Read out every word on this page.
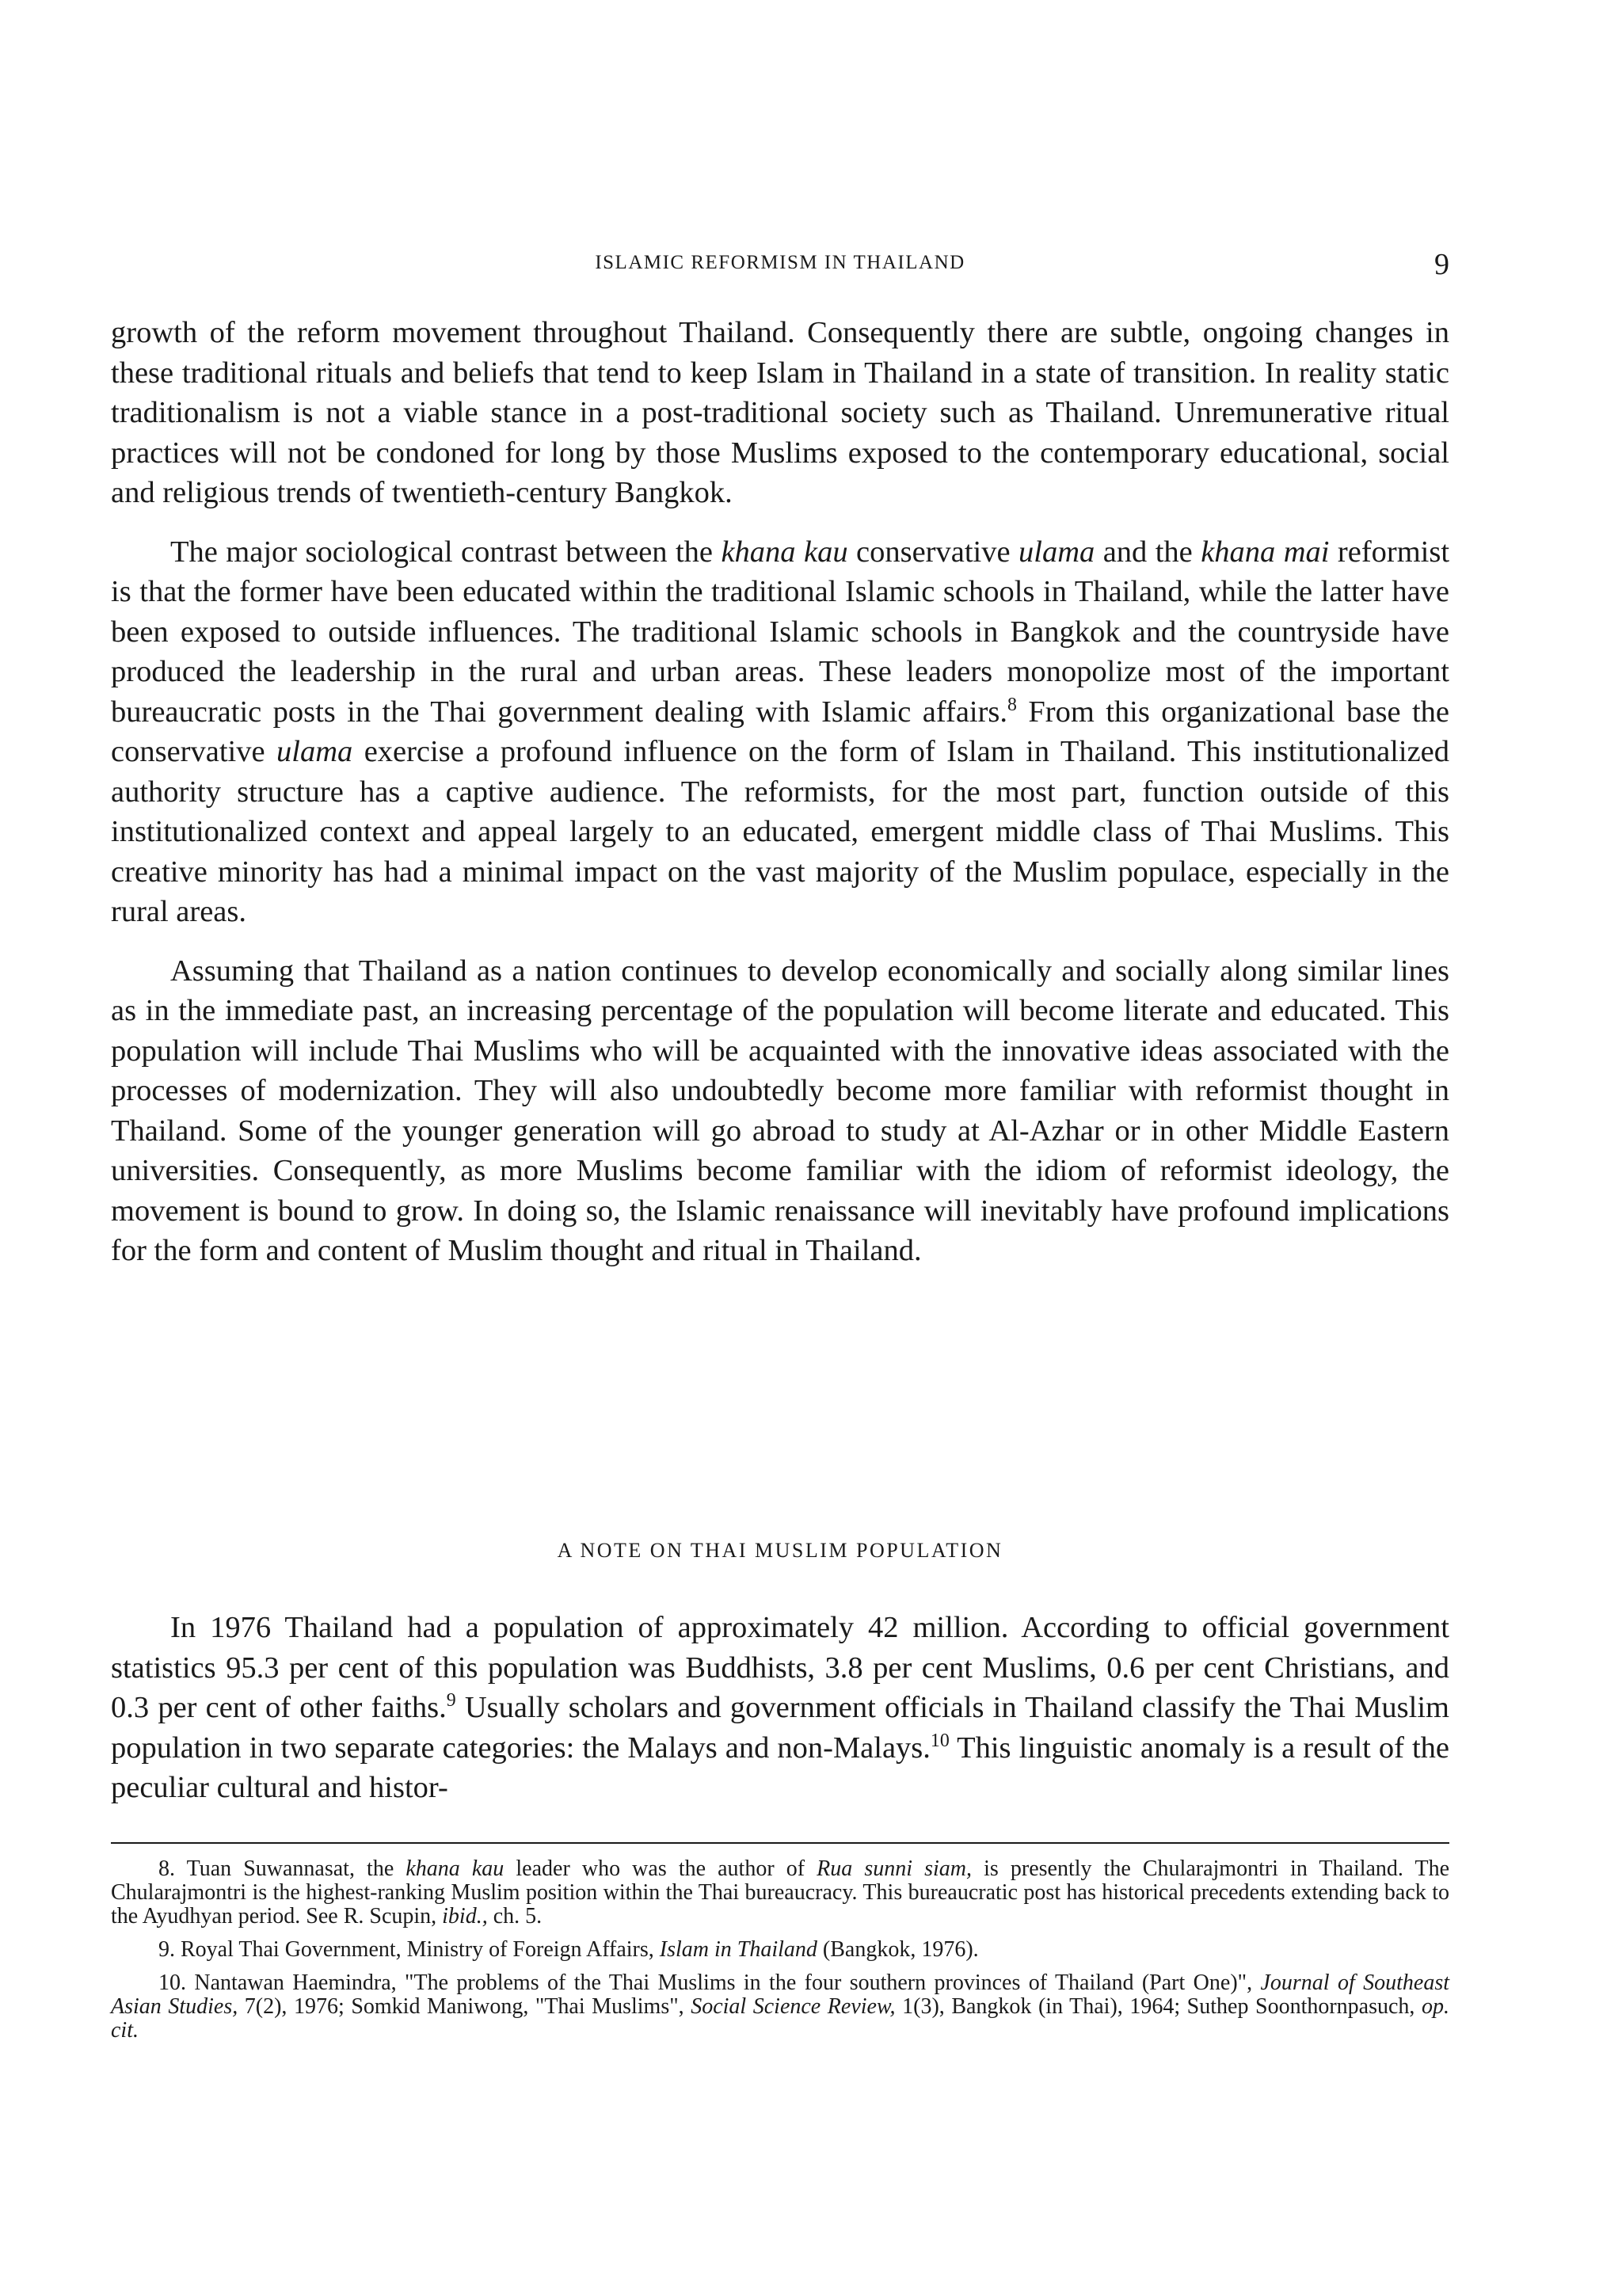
ISLAMIC REFORMISM IN THAILAND	9

growth of the reform movement throughout Thailand. Consequently there are subtle, ongoing changes in these traditional rituals and beliefs that tend to keep Islam in Thailand in a state of transition. In reality static traditionalism is not a viable stance in a post-traditional society such as Thailand. Unremunerative ritual practices will not be condoned for long by those Muslims exposed to the contemporary educational, social and religious trends of twentieth-century Bangkok.

The major sociological contrast between the khana kau conservative ulama and the khana mai reformist is that the former have been educated within the traditional Islamic schools in Thailand, while the latter have been exposed to outside influences. The traditional Islamic schools in Bangkok and the countryside have produced the leadership in the rural and urban areas. These leaders monopolize most of the important bureaucratic posts in the Thai government dealing with Islamic affairs.$^8$ From this organizational base the conservative ulama exercise a profound influence on the form of Islam in Thailand. This institutionalized authority structure has a captive audience. The reformists, for the most part, function outside of this institutionalized context and appeal largely to an educated, emergent middle class of Thai Muslims. This creative minority has had a minimal impact on the vast majority of the Muslim populace, especially in the rural areas.

Assuming that Thailand as a nation continues to develop economically and socially along similar lines as in the immediate past, an increasing percentage of the population will become literate and educated. This population will include Thai Muslims who will be acquainted with the innovative ideas associated with the processes of modernization. They will also undoubtedly become more familiar with reformist thought in Thailand. Some of the younger generation will go abroad to study at Al-Azhar or in other Middle Eastern universities. Consequently, as more Muslims become familiar with the idiom of reformist ideology, the movement is bound to grow. In doing so, the Islamic renaissance will inevitably have profound implications for the form and content of Muslim thought and ritual in Thailand.

A NOTE ON THAI MUSLIM POPULATION

In 1976 Thailand had a population of approximately 42 million. According to official government statistics 95.3 per cent of this population was Buddhists, 3.8 per cent Muslims, 0.6 per cent Christians, and 0.3 per cent of other faiths.$^9$ Usually scholars and government officials in Thailand classify the Thai Muslim population in two separate categories: the Malays and non-Malays.$^{10}$ This linguistic anomaly is a result of the peculiar cultural and histor-

8. Tuan Suwannasat, the khana kau leader who was the author of Rua sunni siam, is presently the Chularajmontri in Thailand. The Chularajmontri is the highest-ranking Muslim position within the Thai bureaucracy. This bureaucratic post has historical precedents extending back to the Ayudhyan period. See R. Scupin, ibid., ch. 5.

9. Royal Thai Government, Ministry of Foreign Affairs, Islam in Thailand (Bangkok, 1976).

10. Nantawan Haemindra, "The problems of the Thai Muslims in the four southern provinces of Thailand (Part One)", Journal of Southeast Asian Studies, 7(2), 1976; Somkid Maniwong, "Thai Muslims", Social Science Review, 1(3), Bangkok (in Thai), 1964; Suthep Soonthornpasuch, op. cit.
